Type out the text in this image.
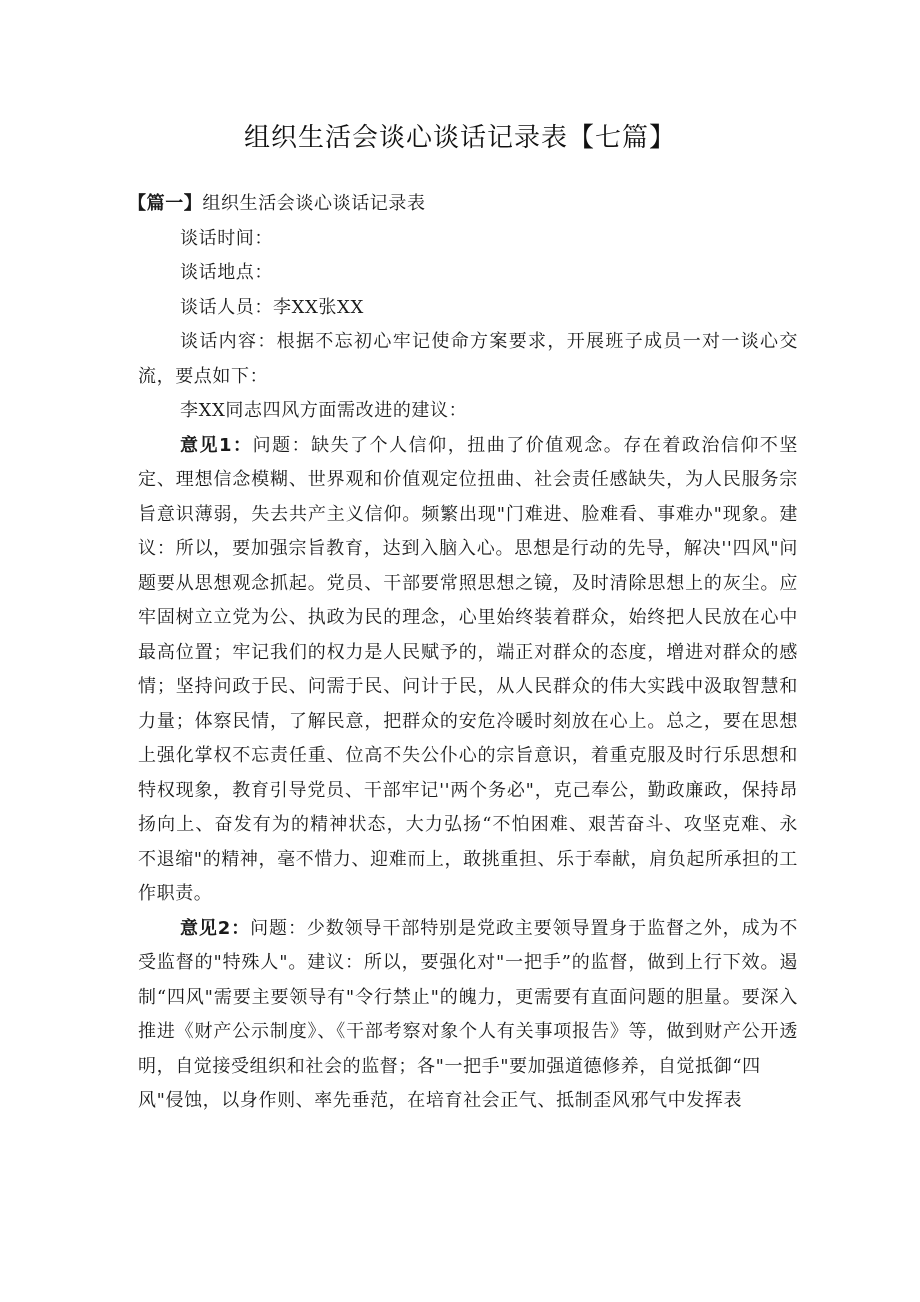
组织生活会谈心谈话记录表【七篇】

【篇一】组织生活会谈心谈话记录表

谈话时间：

谈话地点：

谈话人员：李XX张XX

谈话内容：根据不忘初心牢记使命方案要求，开展班子成员一对一谈心交流，要点如下：

李XX同志四风方面需改进的建议：

意见1：问题：缺失了个人信仰，扭曲了价值观念。存在着政治信仰不坚定、理想信念模糊、世界观和价值观定位扭曲、社会责任感缺失，为人民服务宗旨意识薄弱，失去共产主义信仰。频繁出现"门难进、脸难看、事难办"现象。建议：所以，要加强宗旨教育，达到入脑入心。思想是行动的先导，解决''四风"问题要从思想观念抓起。党员、干部要常照思想之镜，及时清除思想上的灰尘。应牢固树立立党为公、执政为民的理念，心里始终装着群众，始终把人民放在心中最高位置；牢记我们的权力是人民赋予的，端正对群众的态度，增进对群众的感情；坚持问政于民、问需于民、问计于民，从人民群众的伟大实践中汲取智慧和力量；体察民情，了解民意，把群众的安危冷暖时刻放在心上。总之，要在思想上强化掌权不忘责任重、位高不失公仆心的宗旨意识，着重克服及时行乐思想和特权现象，教育引导党员、干部牢记''两个务必"，克己奉公，勤政廉政，保持昂扬向上、奋发有为的精神状态，大力弘扬“不怕困难、艰苦奋斗、攻坚克难、永不退缩"的精神，毫不惜力、迎难而上，敢挑重担、乐于奉献，肩负起所承担的工作职责。

意见2：问题：少数领导干部特别是党政主要领导置身于监督之外，成为不受监督的"特殊人"。建议：所以，要强化对"一把手”的监督，做到上行下效。遏制“四风"需要主要领导有"令行禁止"的魄力，更需要有直面问题的胆量。要深入推进《财产公示制度》、《干部考察对象个人有关事项报告》等，做到财产公开透明，自觉接受组织和社会的监督；各"一把手"要加强道德修养，自觉抵御“四

风"侵蚀，以身作则、率先垂范，在培育社会正气、抵制歪风邪气中发挥表
